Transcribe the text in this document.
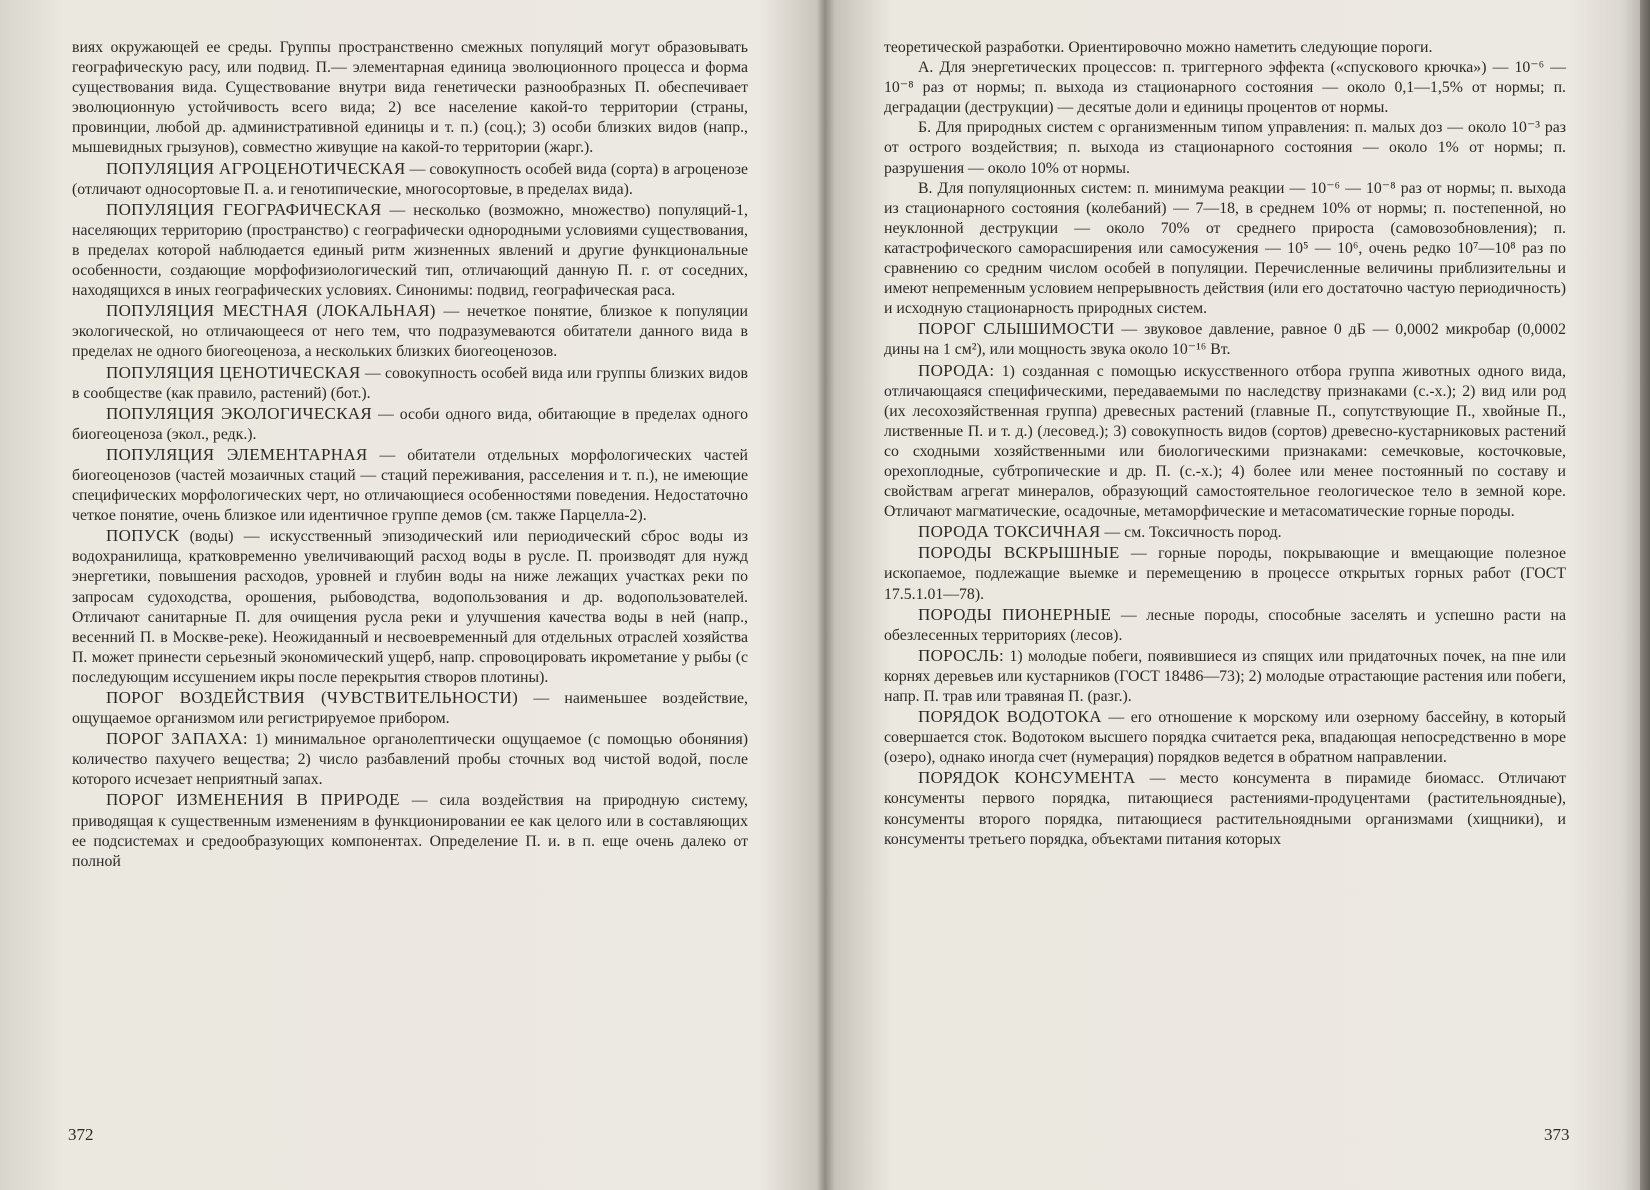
виях окружающей ее среды. Группы пространственно смежных популяций могут образовывать географическую расу, или подвид. П.— элементарная единица эволюционного процесса и форма существования вида. Существование внутри вида генетически разнообразных П. обеспечивает эволюционную устойчивость всего вида; 2) все население какой-то территории (страны, провинции, любой др. административной единицы и т. п.) (соц.); 3) особи близких видов (напр., мышевидных грызунов), совместно живущие на какой-то территории (жарг.).

ПОПУЛЯЦИЯ АГРОЦЕНОТИЧЕСКАЯ — совокупность особей вида (сорта) в агроценозе (отличают односортовые П. а. и генотипические, многосортовые, в пределах вида).

ПОПУЛЯЦИЯ ГЕОГРАФИЧЕСКАЯ — несколько (возможно, множество) популяций-1, населяющих территорию (пространство) с географически однородными условиями существования, в пределах которой наблюдается единый ритм жизненных явлений и другие функциональные особенности, создающие морфофизиологический тип, отличающий данную П. г. от соседних, находящихся в иных географических условиях. Синонимы: подвид, географическая раса.

ПОПУЛЯЦИЯ МЕСТНАЯ (ЛОКАЛЬНАЯ) — нечеткое понятие, близкое к популяции экологической, но отличающееся от него тем, что подразумеваются обитатели данного вида в пределах не одного биогеоценоза, а нескольких близких биогеоценозов.

ПОПУЛЯЦИЯ ЦЕНОТИЧЕСКАЯ — совокупность особей вида или группы близких видов в сообществе (как правило, растений) (бот.).

ПОПУЛЯЦИЯ ЭКОЛОГИЧЕСКАЯ — особи одного вида, обитающие в пределах одного биогеоценоза (экол., редк.).

ПОПУЛЯЦИЯ ЭЛЕМЕНТАРНАЯ — обитатели отдельных морфологических частей биогеоценозов (частей мозаичных стаций — стаций переживания, расселения и т. п.), не имеющие специфических морфологических черт, но отличающиеся особенностями поведения. Недостаточно четкое понятие, очень близкое или идентичное группе демов (см. также Парцелла-2).

ПОПУСК (воды) — искусственный эпизодический или периодический сброс воды из водохранилища, кратковременно увеличивающий расход воды в русле. П. производят для нужд энергетики, повышения расходов, уровней и глубин воды на ниже лежащих участках реки по запросам судоходства, орошения, рыбоводства, водопользования и др. водопользователей. Отличают санитарные П. для очищения русла реки и улучшения качества воды в ней (напр., весенний П. в Москве-реке). Неожиданный и несвоевременный для отдельных отраслей хозяйства П. может принести серьезный экономический ущерб, напр. спровоцировать икрометание у рыбы (с последующим иссушением икры после перекрытия створов плотины).

ПОРОГ ВОЗДЕЙСТВИЯ (ЧУВСТВИТЕЛЬНОСТИ) — наименьшее воздействие, ощущаемое организмом или регистрируемое прибором.

ПОРОГ ЗАПАХА: 1) минимальное органолептически ощущаемое (с помощью обоняния) количество пахучего вещества; 2) число разбавлений пробы сточных вод чистой водой, после которого исчезает неприятный запах.

ПОРОГ ИЗМЕНЕНИЯ В ПРИРОДЕ — сила воздействия на природную систему, приводящая к существенным изменениям в функционировании ее как целого или в составляющих ее подсистемах и средообразующих компонентах. Определение П. и. в п. еще очень далеко от полной

372

теоретической разработки. Ориентировочно можно наметить следующие пороги.

А. Для энергетических процессов: п. триггерного эффекта («спускового крючка») — 10⁻⁶ — 10⁻⁸ раз от нормы; п. выхода из стационарного состояния — около 0,1—1,5% от нормы; п. деградации (деструкции) — десятые доли и единицы процентов от нормы.

Б. Для природных систем с организменным типом управления: п. малых доз — около 10⁻³ раз от острого воздействия; п. выхода из стационарного состояния — около 1% от нормы; п. разрушения — около 10% от нормы.

В. Для популяционных систем: п. минимума реакции — 10⁻⁶ — 10⁻⁸ раз от нормы; п. выхода из стационарного состояния (колебаний) — 7—18, в среднем 10% от нормы; п. постепенной, но неуклонной деструкции — около 70% от среднего прироста (самовозобновления); п. катастрофического саморасширения или самосужения — 10⁵ — 10⁶, очень редко 10⁷—10⁸ раз по сравнению со средним числом особей в популяции. Перечисленные величины приблизительны и имеют непременным условием непрерывность действия (или его достаточно частую периодичность) и исходную стационарность природных систем.

ПОРОГ СЛЫШИМОСТИ — звуковое давление, равное 0 дБ — 0,0002 микробар (0,0002 дины на 1 см²), или мощность звука около 10⁻¹⁶ Вт.

ПОРОДА: 1) созданная с помощью искусственного отбора группа животных одного вида, отличающаяся специфическими, передаваемыми по наследству признаками (с.-х.); 2) вид или род (их лесохозяйственная группа) древесных растений (главные П., сопутствующие П., хвойные П., лиственные П. и т. д.) (лесовед.); 3) совокупность видов (сортов) древесно-кустарниковых растений со сходными хозяйственными или биологическими признаками: семечковые, косточковые, орехоплодные, субтропические и др. П. (с.-х.); 4) более или менее постоянный по составу и свойствам агрегат минералов, образующий самостоятельное геологическое тело в земной коре. Отличают магматические, осадочные, метаморфические и метасоматические горные породы.

ПОРОДА ТОКСИЧНАЯ — см. Токсичность пород.

ПОРОДЫ ВСКРЫШНЫЕ — горные породы, покрывающие и вмещающие полезное ископаемое, подлежащие выемке и перемещению в процессе открытых горных работ (ГОСТ 17.5.1.01—78).

ПОРОДЫ ПИОНЕРНЫЕ — лесные породы, способные заселять и успешно расти на обезлесенных территориях (лесов).

ПОРОСЛЬ: 1) молодые побеги, появившиеся из спящих или придаточных почек, на пне или корнях деревьев или кустарников (ГОСТ 18486—73); 2) молодые отрастающие растения или побеги, напр. П. трав или травяная П. (разг.).

ПОРЯДОК ВОДОТОКА — его отношение к морскому или озерному бассейну, в который совершается сток. Водотоком высшего порядка считается река, впадающая непосредственно в море (озеро), однако иногда счет (нумерация) порядков ведется в обратном направлении.

ПОРЯДОК КОНСУМЕНТА — место консумента в пирамиде биомасс. Отличают консументы первого порядка, питающиеся растениями-продуцентами (растительноядные), консументы второго порядка, питающиеся растительноядными организмами (хищники), и консументы третьего порядка, объектами питания которых

373
